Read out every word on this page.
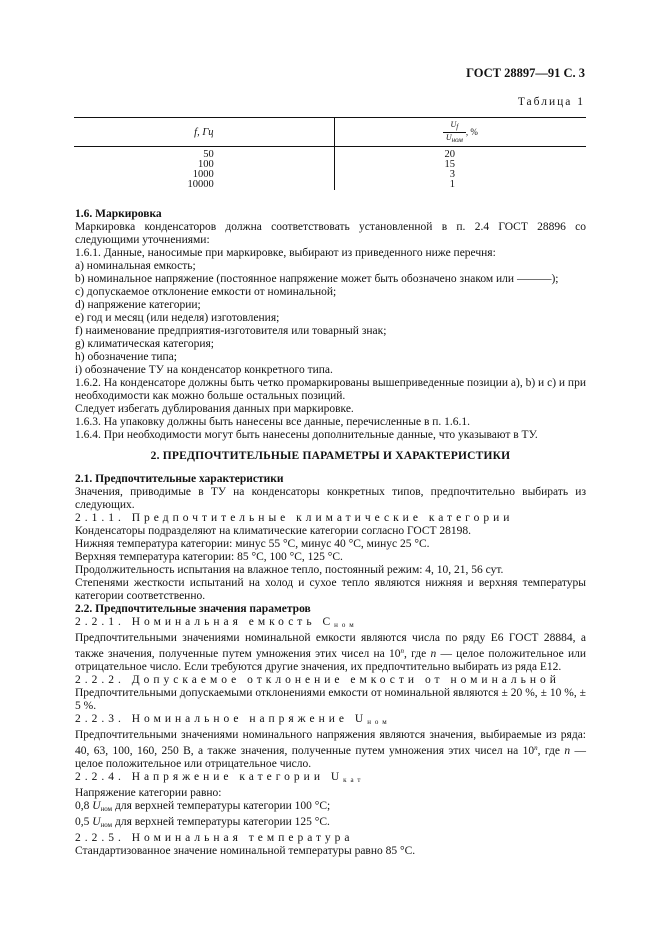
ГОСТ 28897—91 С. 3
Таблица 1
f, Гц	$\frac{Uf}{\text{Uном}}$ , %
50	20
100	15
1000	3
10000	1

1.6. Маркировка

Маркировка конденсаторов должна соответствовать установленной в п. 2.4 ГОСТ 28896 со следующими уточнениями:

1.6.1. Данные, наносимые при маркировке, выбирают из приведенного ниже перечня:

a) номинальная емкость;

b) номинальное напряжение (постоянное напряжение может быть обозначено знаком или ———);

c) допускаемое отклонение емкости от номинальной;

d) напряжение категории;

e) год и месяц (или неделя) изготовления;

f) наименование предприятия-изготовителя или товарный знак;

g) климатическая категория;

h) обозначение типа;

i) обозначение ТУ на конденсатор конкретного типа.

1.6.2. На конденсаторе должны быть четко промаркированы вышеприведенные позиции a), b) и c) и при необходимости как можно больше остальных позиций.

Следует избегать дублирования данных при маркировке.

1.6.3. На упаковку должны быть нанесены все данные, перечисленные в п. 1.6.1.

1.6.4. При необходимости могут быть нанесены дополнительные данные, что указывают в ТУ.

2. ПРЕДПОЧТИТЕЛЬНЫЕ ПАРАМЕТРЫ И ХАРАКТЕРИСТИКИ

2.1. Предпочтительные характеристики

Значения, приводимые в ТУ на конденсаторы конкретных типов, предпочтительно выбирать из следующих.

2.1.1. Предпочтительные климатические категории

Конденсаторы подразделяют на климатические категории согласно ГОСТ 28198.

Нижняя температура категории: минус 55 °С, минус 40 °С, минус 25 °С.

Верхняя температура категории: 85 °С, 100 °С, 125 °С.

Продолжительность испытания на влажное тепло, постоянный режим: 4, 10, 21, 56 сут.

Степенями жесткости испытаний на холод и сухое тепло являются нижняя и верхняя температуры категории соответственно.

2.2. Предпочтительные значения параметров

2.2.1. Номинальная емкость $C_{ном}$

Предпочтительными значениями номинальной емкости являются числа по ряду Е6 ГОСТ 28884, а также значения, полученные путем умножения этих чисел на 10$^n$, где n — целое положительное или отрицательное число. Если требуются другие значения, их предпочтительно выбирать из ряда Е12.

2.2.2. Допускаемое отклонение емкости от номинальной

Предпочтительными допускаемыми отклонениями емкости от номинальной являются ± 20 %, ± 10 %, ± 5 %.

2.2.3. Номинальное напряжение $U_{ном}$

Предпочтительными значениями номинального напряжения являются значения, выбираемые из ряда: 40, 63, 100, 160, 250 В, а также значения, полученные путем умножения этих чисел на 10$^n$, где n — целое положительное или отрицательное число.

2.2.4. Напряжение категории $U_{кат}$

Напряжение категории равно:

0,8 $U_{ном}$ для верхней температуры категории 100 °С;

0,5 $U_{ном}$ для верхней температуры категории 125 °С.

2.2.5. Номинальная температура

Стандартизованное значение номинальной температуры равно 85 °С.
